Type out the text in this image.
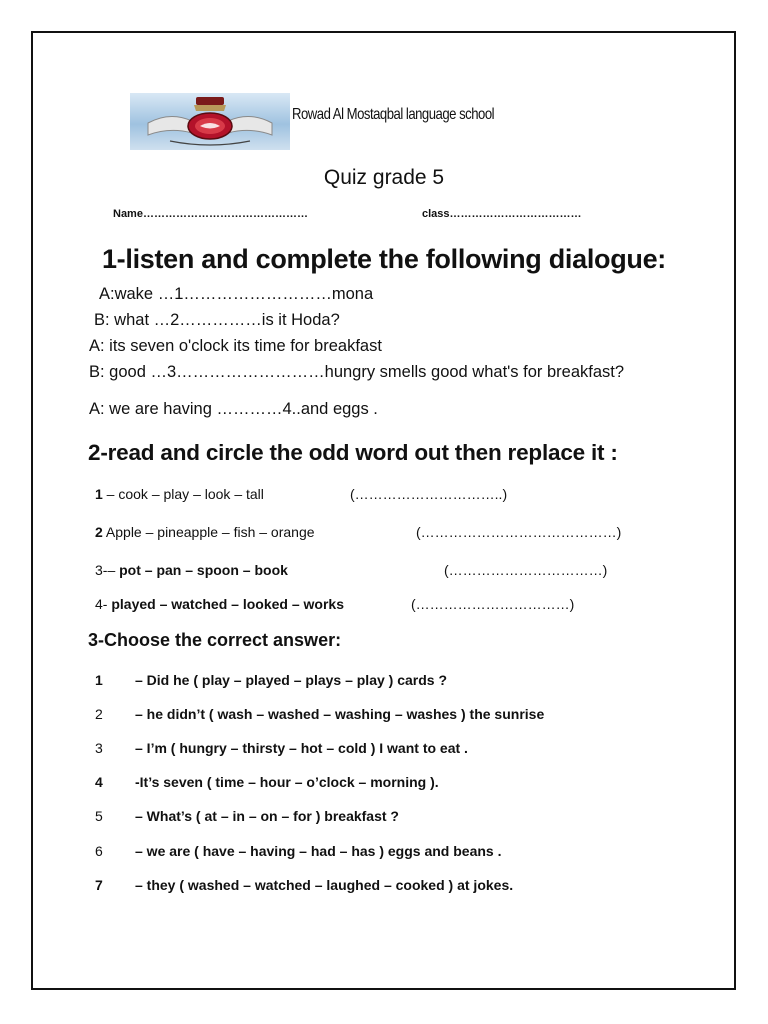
Rowad Al Mostaqbal language school
Quiz grade 5
Name………………………………………	class………………………………
1-listen and complete the following dialogue:
A:wake …1………………………mona
B: what …2……………is it Hoda?
A: its seven o'clock its time for breakfast
B: good …3………………………hungry smells good what's for breakfast?
A: we are having …………4..and eggs .
2-read and circle the odd word out then replace it :
1 – cook – play – look – tall	(…………………………..)
2 Apple – pineapple – fish – orange	(……………………………………)
3-– pot – pan – spoon – book	(……………………………)
4- played – watched – looked – works	(……………………………)
3-Choose the correct answer:
1 – Did he ( play – played – plays – play ) cards ?
2 – he didn’t ( wash – washed – washing – washes ) the sunrise
3 – I’m ( hungry – thirsty – hot – cold ) I want to eat .
4 -It’s seven ( time – hour – o’clock – morning ).
5 – What’s ( at – in – on – for ) breakfast ?
6 – we are ( have – having – had – has ) eggs and beans .
7 – they ( washed – watched – laughed – cooked ) at jokes.
